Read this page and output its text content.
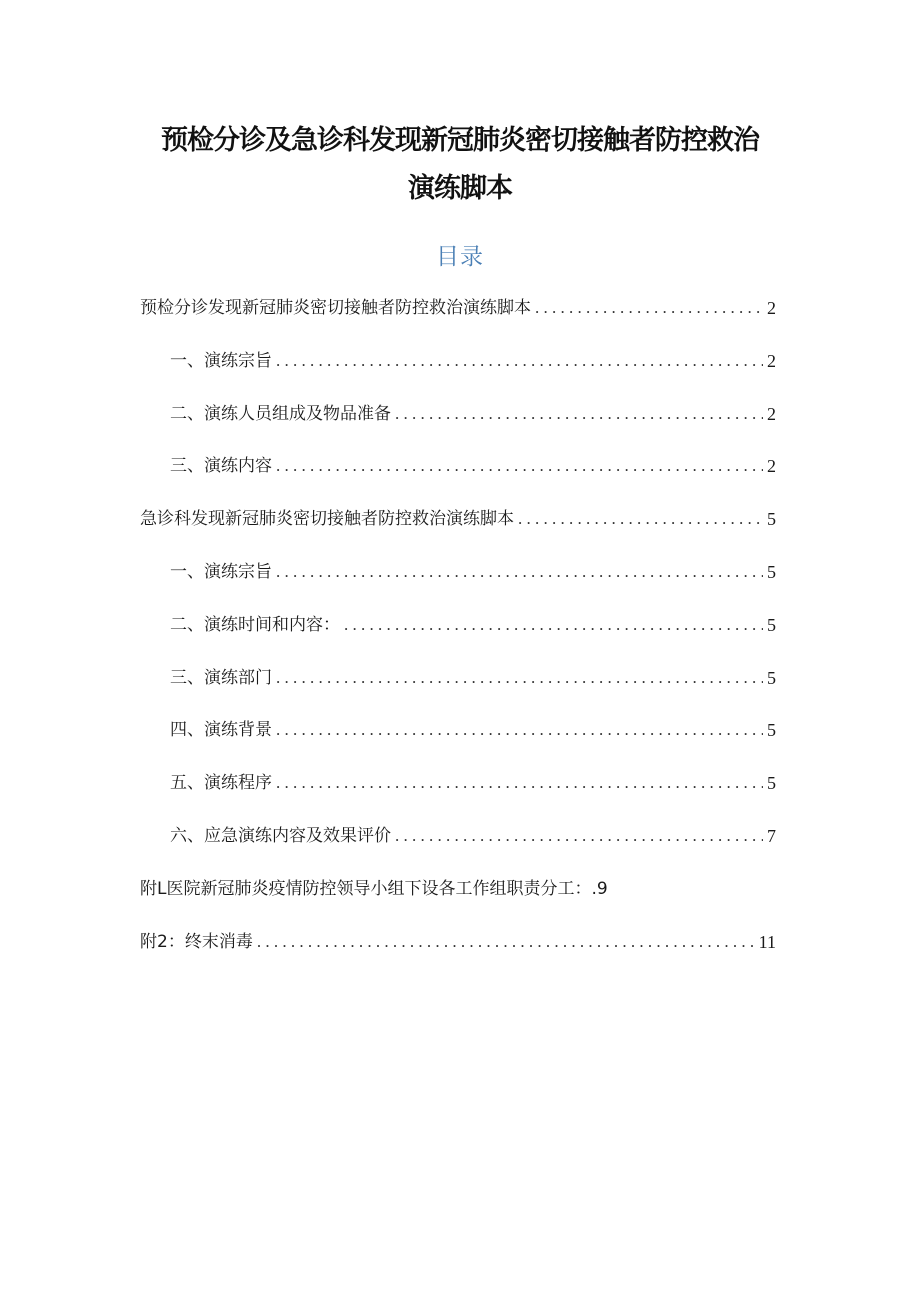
预检分诊及急诊科发现新冠肺炎密切接触者防控救治
演练脚本
目录
预检分诊发现新冠肺炎密切接触者防控救治演练脚本 . . .	2
一、演练宗旨 . . .	2
二、演练人员组成及物品准备 . . .	2
三、演练内容 . . .	2
急诊科发现新冠肺炎密切接触者防控救治演练脚本 . . .	5
一、演练宗旨 . . .	5
二、演练时间和内容： . . .	5
三、演练部门 . . .	5
四、演练背景 . . .	5
五、演练程序 . . .	5
六、应急演练内容及效果评价 . . .	7
附L医院新冠肺炎疫情防控领导小组下设各工作组职责分工：.9
附2：终末消毒 . . .	11
